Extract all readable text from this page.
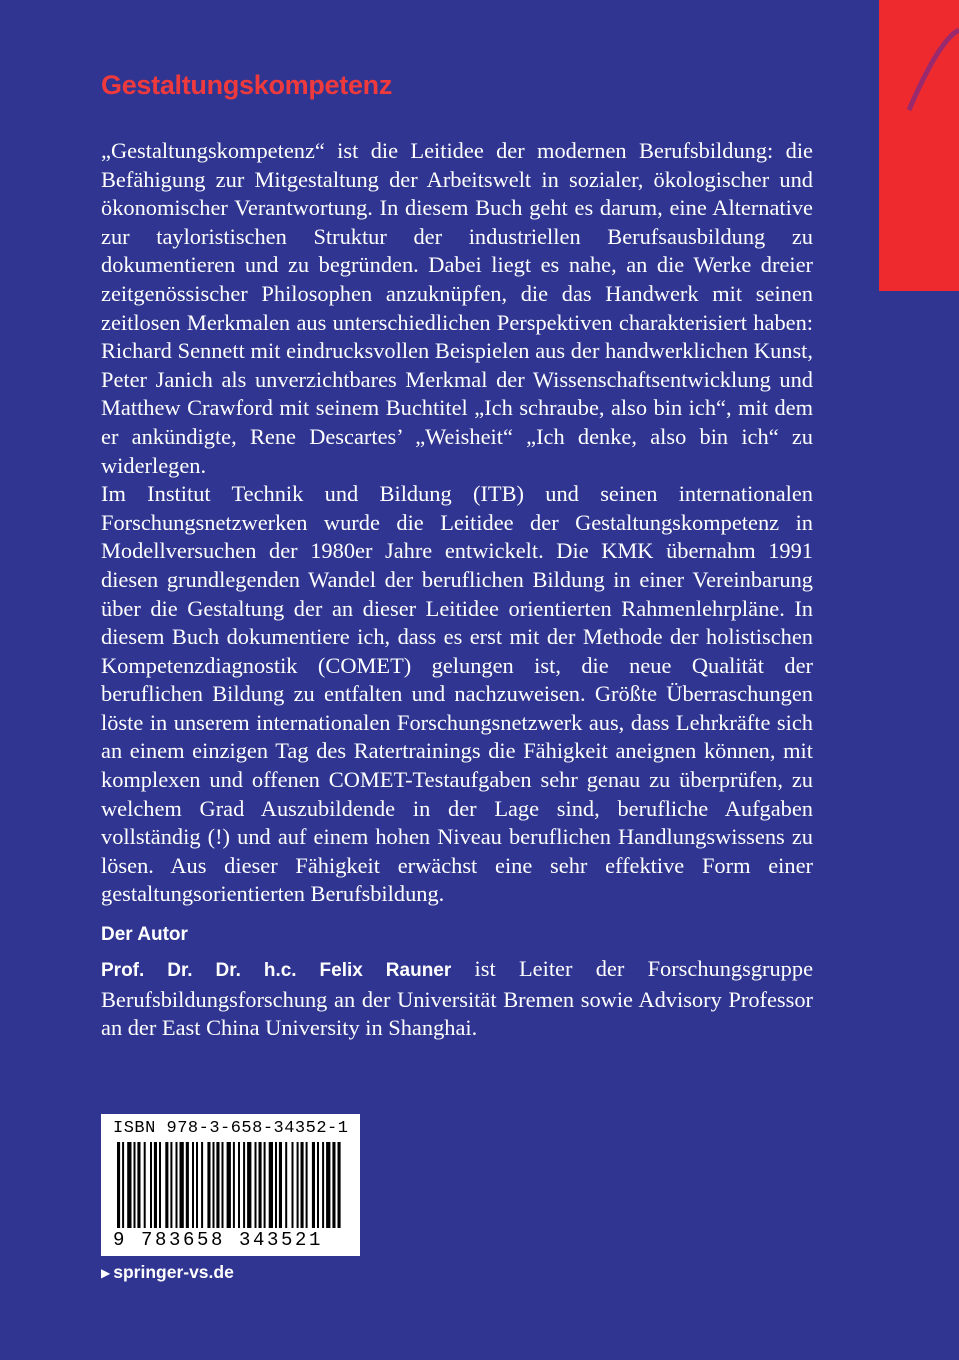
Gestaltungskompetenz

„Gestaltungskompetenz“ ist die Leitidee der modernen Berufsbildung: die Befähigung zur Mitgestaltung der Arbeitswelt in sozialer, ökologischer und ökonomischer Verantwortung. In diesem Buch geht es darum, eine Alternative zur tayloristischen Struktur der industriellen Berufsausbildung zu dokumentieren und zu begründen. Dabei liegt es nahe, an die Werke dreier zeitgenössischer Philosophen anzuknüpfen, die das Handwerk mit seinen zeitlosen Merkmalen aus unterschiedlichen Perspektiven charakterisiert haben: Richard Sennett mit eindrucksvollen Beispielen aus der handwerklichen Kunst, Peter Janich als unverzichtbares Merkmal der Wissenschaftsentwicklung und Matthew Crawford mit seinem Buchtitel „Ich schraube, also bin ich“, mit dem er ankündigte, Rene Descartes’ „Weisheit“ „Ich denke, also bin ich“ zu widerlegen.

Im Institut Technik und Bildung (ITB) und seinen internationalen Forschungsnetzwerken wurde die Leitidee der Gestaltungskompetenz in Modellversuchen der 1980er Jahre entwickelt. Die KMK übernahm 1991 diesen grundlegenden Wandel der beruflichen Bildung in einer Vereinbarung über die Gestaltung der an dieser Leitidee orientierten Rahmenlehrpläne. In diesem Buch dokumentiere ich, dass es erst mit der Methode der holistischen Kompetenzdiagnostik (COMET) gelungen ist, die neue Qualität der beruflichen Bildung zu entfalten und nachzuweisen. Größte Überraschungen löste in unserem internationalen Forschungsnetzwerk aus, dass Lehrkräfte sich an einem einzigen Tag des Ratertrainings die Fähigkeit aneignen können, mit komplexen und offenen COMET-Testaufgaben sehr genau zu überprüfen, zu welchem Grad Auszubildende in der Lage sind, berufliche Aufgaben vollständig (!) und auf einem hohen Niveau beruflichen Handlungswissens zu lösen. Aus dieser Fähigkeit erwächst eine sehr effektive Form einer gestaltungsorientierten Berufsbildung.

Der Autor
Prof. Dr. Dr. h.c. Felix Rauner ist Leiter der Forschungsgruppe Berufsbildungsforschung an der Universität Bremen sowie Advisory Professor an der East China University in Shanghai.
ISBN 978-3-658-34352-1
9 783658 343521
▶ springer-vs.de
